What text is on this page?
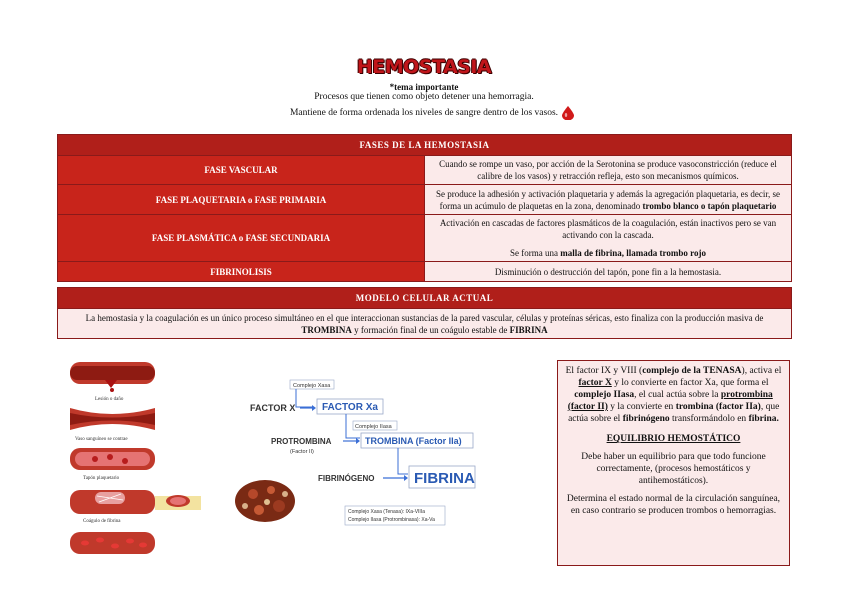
HEMOSTASIA
*tema importante
Procesos que tienen como objeto detener una hemorragia.
Mantiene de forma ordenada los niveles de sangre dentro de los vasos.
FASES DE LA HEMOSTASIA	
FASE VASCULAR	Cuando se rompe un vaso, por acción de la Serotonina se produce vasoconstricción (reduce el calibre de los vasos) y retracción refleja, esto son mecanismos químicos.
FASE PLAQUETARIA o FASE PRIMARIA	Se produce la adhesión y activación plaquetaria y además la agregación plaquetaria, es decir, se forma un acúmulo de plaquetas en la zona, denominado trombo blanco o tapón plaquetario
FASE PLASMÁTICA o FASE SECUNDARIA	Activación en cascadas de factores plasmáticos de la coagulación, están inactivos pero se van activando con la cascada.
Se forma una malla de fibrina, llamada trombo rojo

FIBRINOLISIS	Disminución o destrucción del tapón, pone fin a la hemostasia.
MODELO CELULAR ACTUAL
La hemostasia y la coagulación es un único proceso simultáneo en el que interaccionan sustancias de la pared vascular, células y proteínas séricas, esto finaliza con la producción masiva de TROMBINA y formación final de un coágulo estable de FIBRINA
Lesión o daño
Vaso sanguíneo se contrae
Tapón plaquetario
Coágulo de fibrina
Complejo Xasa
FACTOR X	FACTOR Xa
Complejo IIasa
PROTROMBINA
(Factor II)
TROMBINA (Factor IIa)
FIBRINÓGENO	FIBRINA
Complejo Xasa (Tenasa): IXa-VIIIa
Complejo IIasa (Protrombinasa): Xa-Va

El factor IX y VIII (complejo de la TENASA), activa el factor X y lo convierte en factor Xa, que forma el complejo IIasa, el cual actúa sobre la protrombina (factor II) y la convierte en trombina (factor IIa), que actúa sobre el fibrinógeno transformándolo en fibrina.

EQUILIBRIO HEMOSTÁTICO

Debe haber un equilibrio para que todo funcione correctamente, (procesos hemostáticos y antihemostáticos).

Determina el estado normal de la circulación sanguínea, en caso contrario se producen trombos o hemorragias.
